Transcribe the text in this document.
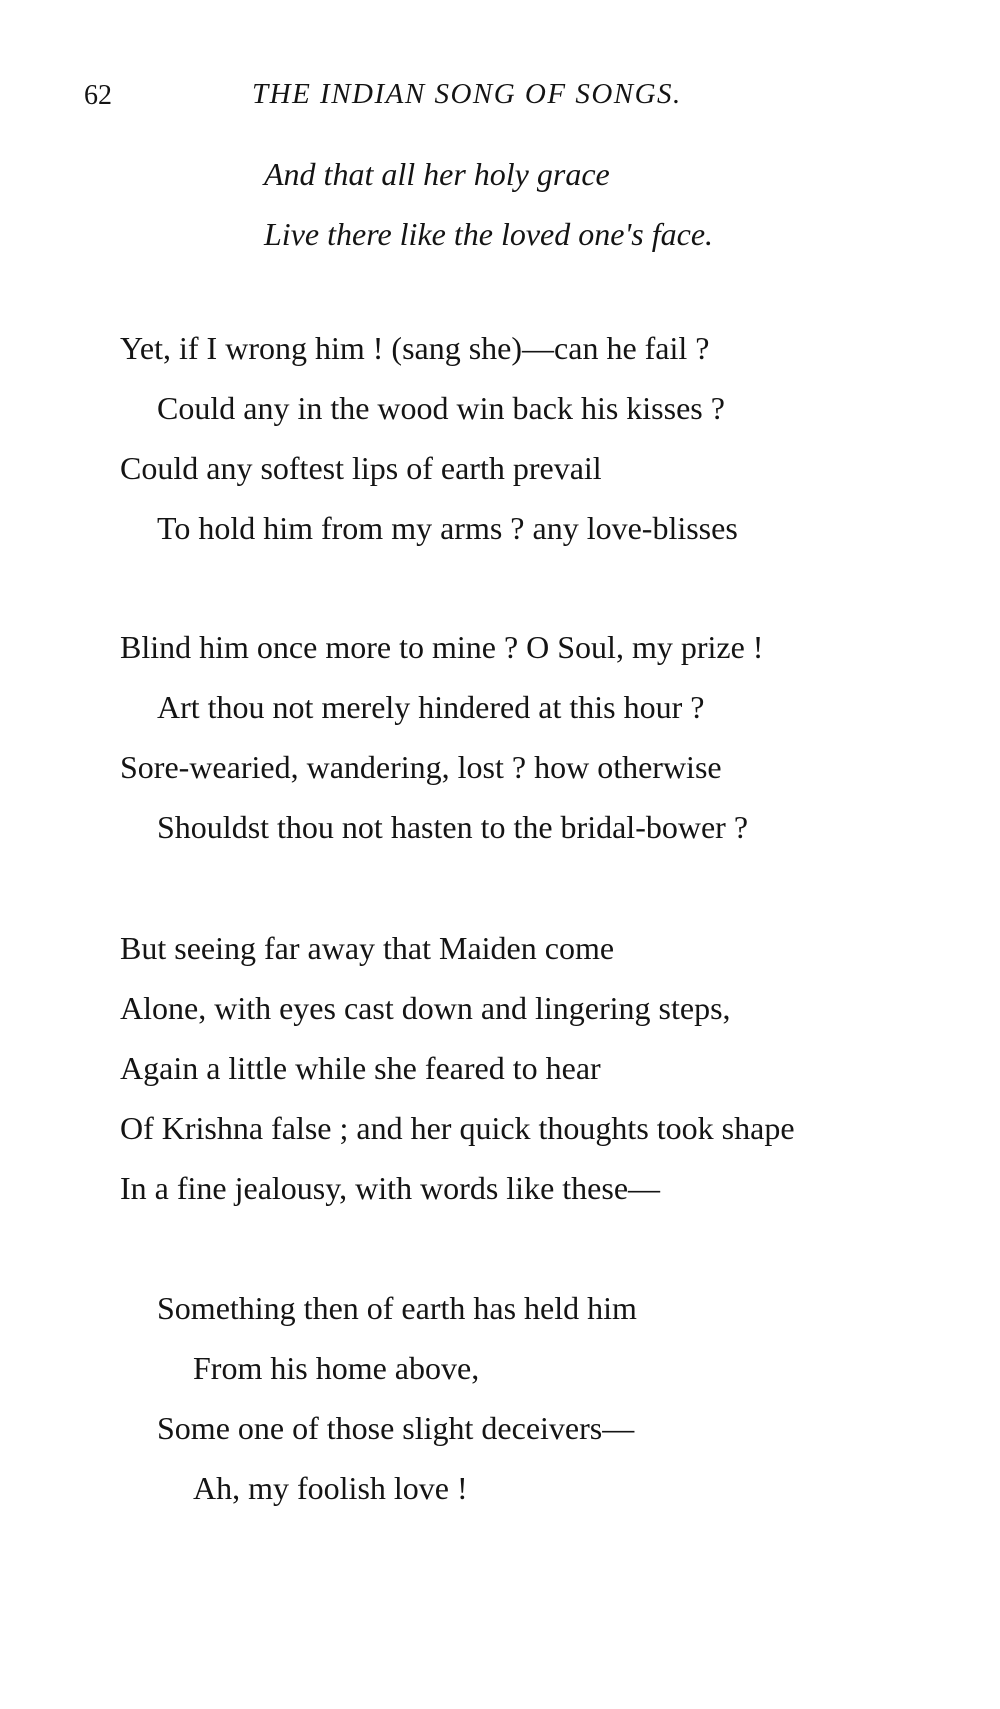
62	THE INDIAN SONG OF SONGS.
And that all her holy grace
Live there like the loved one's face.
Yet, if I wrong him ! (sang she)—can he fail ?
Could any in the wood win back his kisses ?
Could any softest lips of earth prevail
To hold him from my arms ? any love-blisses
Blind him once more to mine ? O Soul, my prize !
Art thou not merely hindered at this hour ?
Sore-wearied, wandering, lost ? how otherwise
Shouldst thou not hasten to the bridal-bower ?
But seeing far away that Maiden come
Alone, with eyes cast down and lingering steps,
Again a little while she feared to hear
Of Krishna false ; and her quick thoughts took shape
In a fine jealousy, with words like these—
Something then of earth has held him
From his home above,
Some one of those slight deceivers—
Ah, my foolish love !
